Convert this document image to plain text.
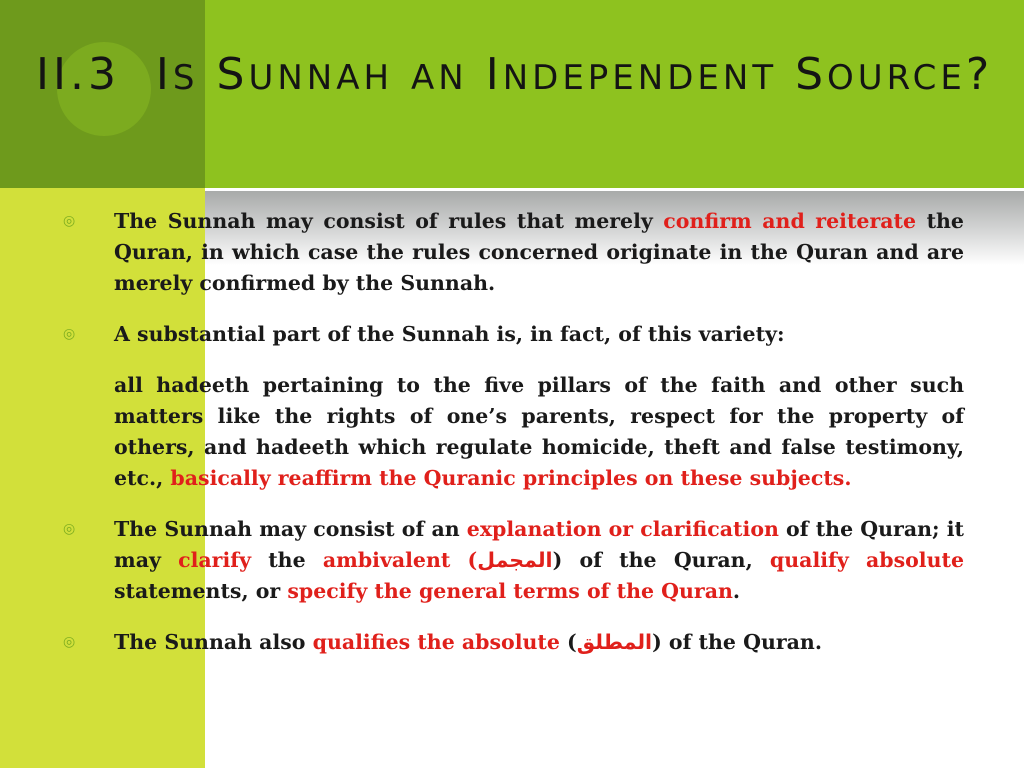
II.3 IS SUNNAH AN INDEPENDENT SOURCE?

◎ The Sunnah may consist of rules that merely confirm and reiterate the Quran, in which case the rules concerned originate in the Quran and are merely confirmed by the Sunnah.

◎ A substantial part of the Sunnah is, in fact, of this variety:

all hadeeth pertaining to the five pillars of the faith and other such matters like the rights of one’s parents, respect for the property of others, and hadeeth which regulate homicide, theft and false testimony, etc., basically reaffirm the Quranic principles on these subjects.

◎ The Sunnah may consist of an explanation or clarification of the Quran; it may clarify the ambivalent (المجمل) of the Quran, qualify absolute statements, or specify the general terms of the Quran.

◎ The Sunnah also qualifies the absolute (المطلق) of the Quran.
